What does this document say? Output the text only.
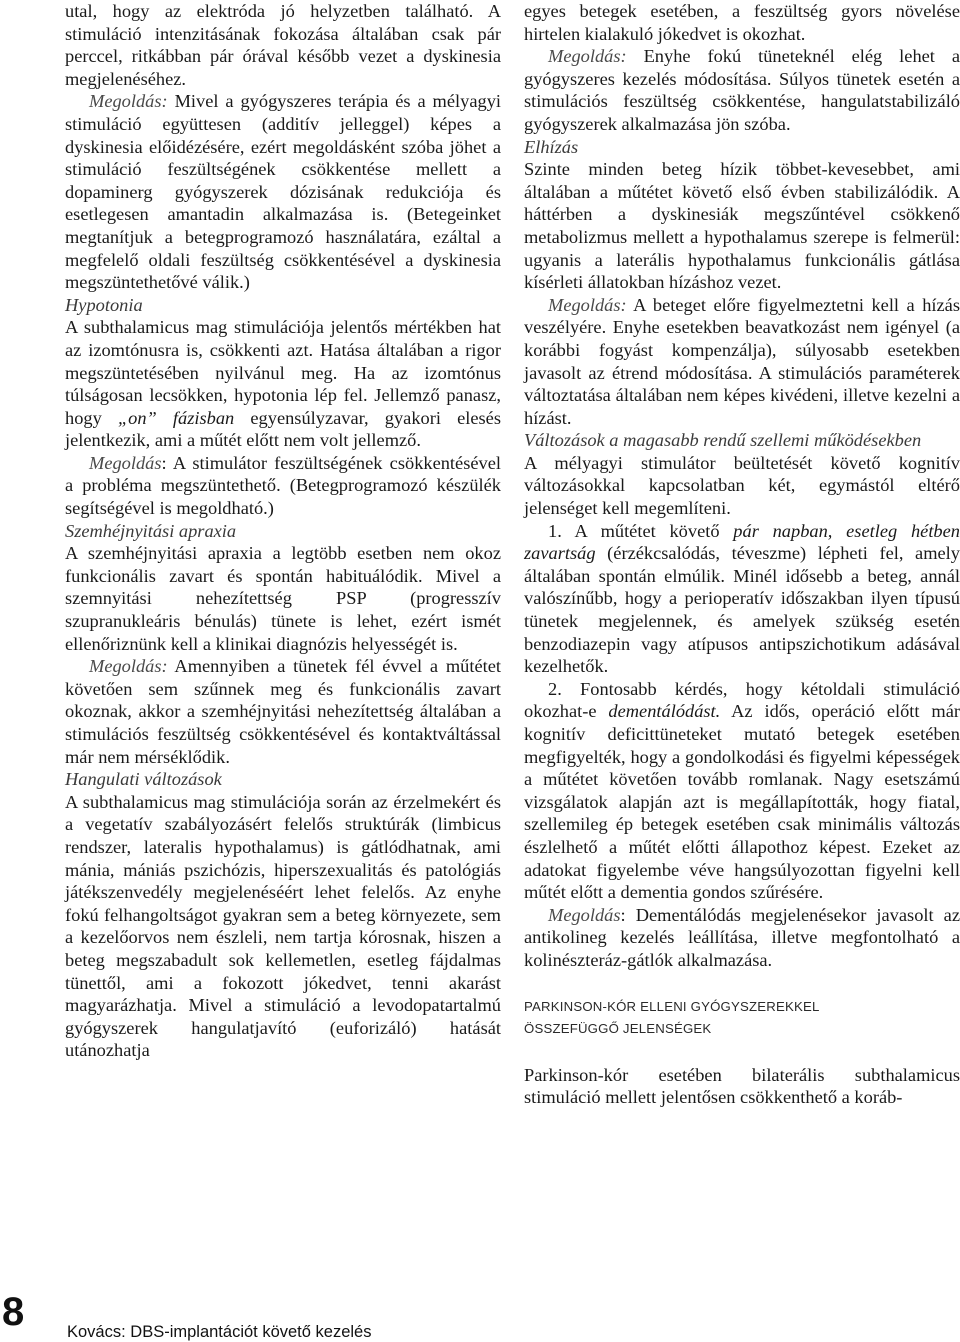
utal, hogy az elektróda jó helyzetben található. A stimuláció intenzitásának fokozása általában csak pár perccel, ritkábban pár órával később vezet a dyskinesia megjelenéséhez.

Megoldás: Mivel a gyógyszeres terápia és a mélyagyi stimuláció együttesen (additív jelleggel) képes a dyskinesia előidézésére, ezért megoldásként szóba jöhet a stimuláció feszültségének csökkentése mellett a dopaminerg gyógyszerek dózisának redukciója és esetlegesen amantadin alkalmazása is. (Betegeinket megtanítjuk a betegprogramozó használatára, ezáltal a megfelelő oldali feszültség csökkentésével a dyskinesia megszüntethetővé válik.)

Hypotonia

A subthalamicus mag stimulációja jelentős mértékben hat az izomtónusra is, csökkenti azt. Hatása általában a rigor megszüntetésében nyilvánul meg. Ha az izomtónus túlságosan lecsökken, hypotonia lép fel. Jellemző panasz, hogy „on” fázisban egyensúlyzavar, gyakori elesés jelentkezik, ami a műtét előtt nem volt jellemző.

Megoldás: A stimulátor feszültségének csökkentésével a probléma megszüntethető. (Betegprogramozó készülék segítségével is megoldható.)

Szemhéjnyitási apraxia

A szemhéjnyitási apraxia a legtöbb esetben nem okoz funkcionális zavart és spontán habituálódik. Mivel a szemnyitási nehezítettség PSP (progresszív szupranukleáris bénulás) tünete is lehet, ezért ismét ellenőriznünk kell a klinikai diagnózis helyességét is.

Megoldás: Amennyiben a tünetek fél évvel a műtétet követően sem szűnnek meg és funkcionális zavart okoznak, akkor a szemhéjnyitási nehezítettség általában a stimulációs feszültség csökkentésével és kontaktváltással már nem mérséklődik.

Hangulati változások

A subthalamicus mag stimulációja során az érzelmekért és a vegetatív szabályozásért felelős struktúrák (limbicus rendszer, lateralis hypothalamus) is gátlódhatnak, ami mánia, mániás pszichózis, hiperszexualitás és patológiás játékszenvedély megjelenéséért lehet felelős. Az enyhe fokú felhangoltságot gyakran sem a beteg környezete, sem a kezelőorvos nem észleli, nem tartja kórosnak, hiszen a beteg megszabadult sok kellemetlen, esetleg fájdalmas tünettől, ami a fokozott jókedvet, tenni akarást magyarázhatja. Mivel a stimuláció a levodopatartalmú gyógyszerek hangulatjavító (euforizáló) hatását utánozhatja

egyes betegek esetében, a feszültség gyors növelése hirtelen kialakuló jókedvet is okozhat.

Megoldás: Enyhe fokú tüneteknél elég lehet a gyógyszeres kezelés módosítása. Súlyos tünetek esetén a stimulációs feszültség csökkentése, hangulatstabilizáló gyógyszerek alkalmazása jön szóba.

Elhízás

Szinte minden beteg hízik többet-kevesebbet, ami általában a műtétet követő első évben stabilizálódik. A háttérben a dyskinesiák megszűntével csökkenő metabolizmus mellett a hypothalamus szerepe is felmerül: ugyanis a laterális hypothalamus funkcionális gátlása kísérleti állatokban hízáshoz vezet.

Megoldás: A beteget előre figyelmeztetni kell a hízás veszélyére. Enyhe esetekben beavatkozást nem igényel (a korábbi fogyást kompenzálja), súlyosabb esetekben javasolt az étrend módosítása. A stimulációs paraméterek változtatása általában nem képes kivédeni, illetve kezelni a hízást.

Változások a magasabb rendű szellemi működésekben

A mélyagyi stimulátor beültetését követő kognitív változásokkal kapcsolatban két, egymástól eltérő jelenséget kell megemlíteni.

1. A műtétet követő pár napban, esetleg hétben zavartság (érzékcsalódás, téveszme) lépheti fel, amely általában spontán elmúlik. Minél idősebb a beteg, annál valószínűbb, hogy a perioperatív időszakban ilyen típusú tünetek megjelennek, és amelyek szükség esetén benzodiazepin vagy atípusos antipszichotikum adásával kezelhetők.

2. Fontosabb kérdés, hogy kétoldali stimuláció okozhat-e dementálódást. Az idős, operáció előtt már kognitív deficittüneteket mutató betegek esetében megfigyelték, hogy a gondolkodási és figyelmi képességek a műtétet követően tovább romlanak. Nagy esetszámú vizsgálatok alapján azt is megállapították, hogy fiatal, szellemileg ép betegek esetében csak minimális változás észlelhető a műtét előtti állapothoz képest. Ezeket az adatokat figyelembe véve hangsúlyozottan figyelni kell műtét előtt a dementia gondos szűrésére.

Megoldás: Dementálódás megjelenésekor javasolt az antikolineg kezelés leállítása, illetve megfontolható a kolinészteráz-gátlók alkalmazása.

PARKINSON-KÓR ELLENI GYÓGYSZEREKKEL

ÖSSZEFÜGGŐ JELENSÉGEK

Parkinson-kór esetében bilaterális subthalamicus stimuláció mellett jelentősen csökkenthető a koráb-

8	Kovács: DBS-implantációt követő kezelés
